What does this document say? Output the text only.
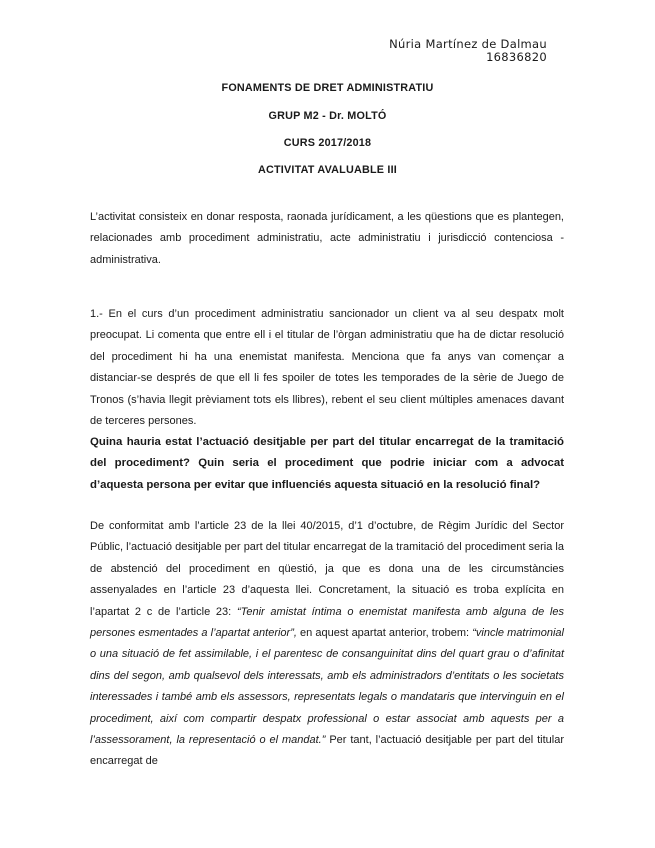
Núria Martínez de Dalmau
16836820
FONAMENTS DE DRET ADMINISTRATIU
GRUP M2 - Dr. MOLTÓ
CURS 2017/2018
ACTIVITAT AVALUABLE III

L’activitat consisteix en donar resposta, raonada jurídicament, a les qüestions que es plantegen, relacionades amb procediment administratiu, acte administratiu i jurisdicció contenciosa - administrativa.

1.- En el curs d’un procediment administratiu sancionador un client va al seu despatx molt preocupat. Li comenta que entre ell i el titular de l’òrgan administratiu que ha de dictar resolució del procediment hi ha una enemistat manifesta. Menciona que fa anys van començar a distanciar-se després de que ell li fes spoiler de totes les temporades de la sèrie de Juego de Tronos (s’havia llegit prèviament tots els llibres), rebent el seu client múltiples amenaces davant de terceres persones.

Quina hauria estat l’actuació desitjable per part del titular encarregat de la tramitació del procediment? Quin seria el procediment que podrie iniciar com a advocat d’aquesta persona per evitar que influenciés aquesta situació en la resolució final?

De conformitat amb l’article 23 de la llei 40/2015, d’1 d’octubre, de Règim Jurídic del Sector Públic, l’actuació desitjable per part del titular encarregat de la tramitació del procediment seria la de abstenció del procediment en qüestió, ja que es dona una de les circumstàncies assenyalades en l’article 23 d’aquesta llei. Concretament, la situació es troba explícita en l’apartat 2 c de l’article 23: “Tenir amistat íntima o enemistat manifesta amb alguna de les persones esmentades a l’apartat anterior”, en aquest apartat anterior, trobem: “vincle matrimonial o una situació de fet assimilable, i el parentesc de consanguinitat dins del quart grau o d’afinitat dins del segon, amb qualsevol dels interessats, amb els administradors d’entitats o les societats interessades i també amb els assessors, representats legals o mandataris que intervinguin en el procediment, així com compartir despatx professional o estar associat amb aquests per a l’assessorament, la representació o el mandat.” Per tant, l’actuació desitjable per part del titular encarregat de
